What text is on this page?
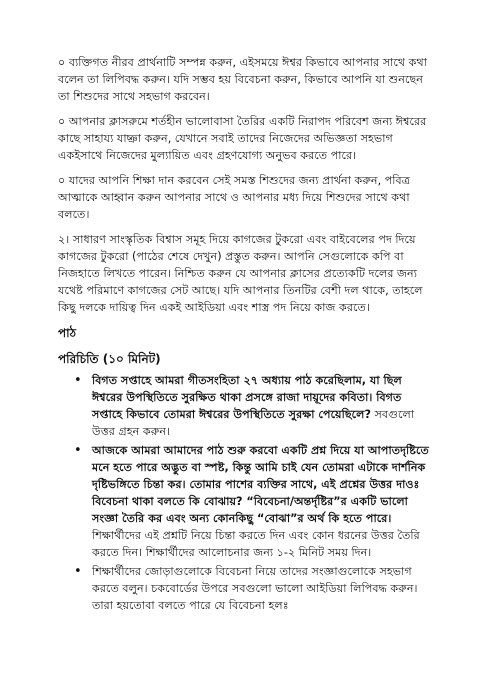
০ ব্যক্তিগত নীরব প্রার্থনাটি সম্পন্ন করুন, এইসময়ে ঈশ্বর কিভাবে আপনার সাথে কথা বলেন তা লিপিবদ্ধ করুন। যদি সম্ভব হয় বিবেচনা করুন, কিভাবে আপনি যা শুনছেন তা শিশুদের সাথে সহভাগ করবেন।

০ আপনার ক্লাসরুমে শর্তহীন ভালোবাসা তৈরির একটি নিরাপদ পরিবেশ জন্য ঈশ্বরের কাছে সাহায্য যাচ্ঞা করুন, যেখানে সবাই তাদের নিজেদের অভিজ্ঞতা সহভাগ একইসাথে নিজেদের মুল্যায়িত এবং গ্রহণযোগ্য অনুভব করতে পারে।

০ যাদের আপনি শিক্ষা দান করবেন সেই সমস্ত শিশুদের জন্য প্রার্থনা করুন, পবিত্র আত্মাকে আহ্বান করুন আপনার সাথে ও আপনার মধ্য দিয়ে শিশুদের সাথে কথা বলতে।

২। সাধারণ সাংস্কৃতিক বিশ্বাস সমূহ দিয়ে কাগজের টুকরো এবং বাইবেলের পদ দিয়ে কাগজের টুকরো (পাঠের শেষে দেখুন) প্রস্তুত করুন। আপনি সেগুলোকে কপি বা নিজহাতে লিখতে পারেন। নিশ্চিত করুন যে আপনার ক্লাসের প্রত্যেকটি দলের জন্য যথেষ্ট পরিমাণে কাগজের সেট আছে। যদি আপনার তিনটির বেশী দল থাকে, তাহলে কিছু দলকে দায়িত্ব দিন একই আইডিয়া এবং শাস্ত্র পদ নিয়ে কাজ করতে।

পাঠ

পরিচিতি (১০ মিনিট)

• বিগত সপ্তাহে আমরা গীতসংহিতা ২৭ অধ্যায় পাঠ করেছিলাম, যা ছিল ঈশ্বরের উপস্থিতিতে সুরক্ষিত থাকা প্রসঙ্গে রাজা দায়ূদের কবিতা। বিগত সপ্তাহে কিভাবে তোমরা ঈশ্বরের উপস্থিতিতে সুরক্ষা পেয়েছিলে? সবগুলো উত্তর গ্রহন করুন।

• আজকে আমরা আমাদের পাঠ শুরু করবো একটি প্রশ্ন দিয়ে যা আপাতদৃষ্টিতে মনে হতে পারে অদ্ভুত বা স্পষ্ট, কিন্তু আমি চাই যেন তোমরা এটাকে দার্শনিক দৃষ্টিভঙ্গিতে চিন্তা কর। তোমার পাশের ব্যক্তির সাথে, এই প্রশ্নের উত্তর দাওঃ বিবেচনা থাকা বলতে কি বোঝায়? “বিবেচনা/অন্তর্দৃষ্টির”র একটি ভালো সংজ্ঞা তৈরি কর এবং অন্য কোনকিছু “বোঝা”র অর্থ কি হতে পারে। শিক্ষার্থীদের এই প্রশ্নটি নিয়ে চিন্তা করতে দিন এবং কোন ধরনের উত্তর তৈরি করতে দিন। শিক্ষার্থীদের আলোচনার জন্য ১-২ মিনিট সময় দিন।

• শিক্ষার্থীদের জোড়াগুলোকে বিবেচনা নিয়ে তাদের সংজ্ঞাগুলোকে সহভাগ করতে বলুন। চকবোর্ডের উপরে সবগুলো ভালো আইডিয়া লিপিবদ্ধ করুন। তারা হয়তোবা বলতে পারে যে বিবেচনা হলঃ
